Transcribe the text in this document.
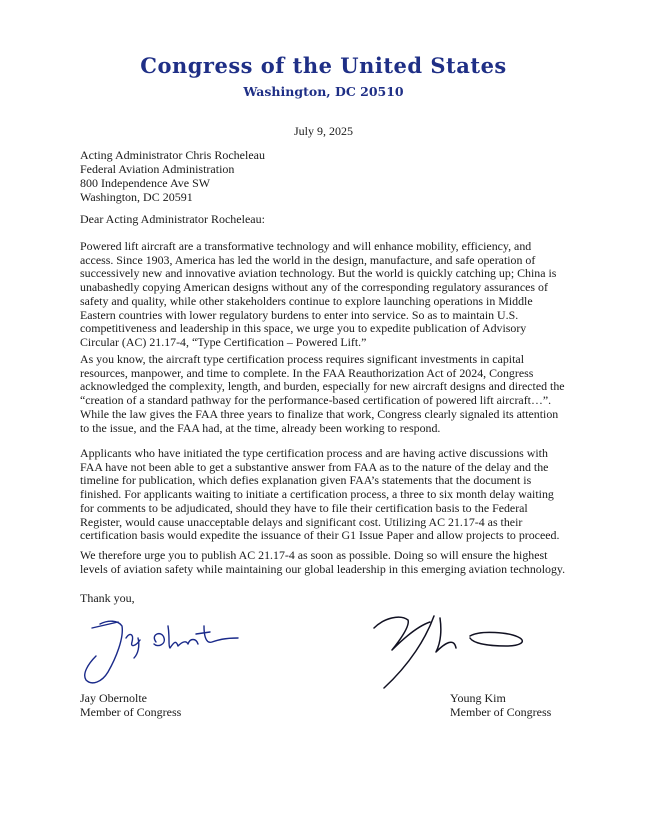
Congress of the United States
Washington, DC 20510
July 9, 2025
Acting Administrator Chris Rocheleau
Federal Aviation Administration
800 Independence Ave SW
Washington, DC 20591
Dear Acting Administrator Rocheleau:

Powered lift aircraft are a transformative technology and will enhance mobility, efficiency, and access. Since 1903, America has led the world in the design, manufacture, and safe operation of successively new and innovative aviation technology. But the world is quickly catching up; China is unabashedly copying American designs without any of the corresponding regulatory assurances of safety and quality, while other stakeholders continue to explore launching operations in Middle Eastern countries with lower regulatory burdens to enter into service. So as to maintain U.S. competitiveness and leadership in this space, we urge you to expedite publication of Advisory Circular (AC) 21.17-4, “Type Certification – Powered Lift.”

As you know, the aircraft type certification process requires significant investments in capital resources, manpower, and time to complete. In the FAA Reauthorization Act of 2024, Congress acknowledged the complexity, length, and burden, especially for new aircraft designs and directed the “creation of a standard pathway for the performance-based certification of powered lift aircraft…”. While the law gives the FAA three years to finalize that work, Congress clearly signaled its attention to the issue, and the FAA had, at the time, already been working to respond.

Applicants who have initiated the type certification process and are having active discussions with FAA have not been able to get a substantive answer from FAA as to the nature of the delay and the timeline for publication, which defies explanation given FAA’s statements that the document is finished. For applicants waiting to initiate a certification process, a three to six month delay waiting for comments to be adjudicated, should they have to file their certification basis to the Federal Register, would cause unacceptable delays and significant cost. Utilizing AC 21.17-4 as their certification basis would expedite the issuance of their G1 Issue Paper and allow projects to proceed.

We therefore urge you to publish AC 21.17-4 as soon as possible. Doing so will ensure the highest levels of aviation safety while maintaining our global leadership in this emerging aviation technology.

Thank you,
Jay Obernolte
Member of Congress
Young Kim
Member of Congress
